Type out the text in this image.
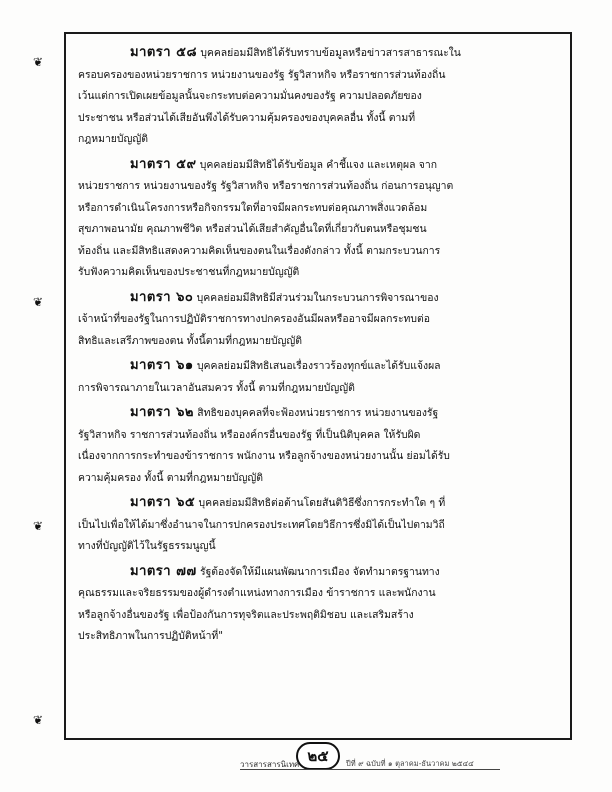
❦
❦
❦
❦

มาตรา ๕๘ บุคคลย่อมมีสิทธิได้รับทราบข้อมูลหรือข่าวสารสาธารณะใน

ครอบครองของหน่วยราชการ หน่วยงานของรัฐ รัฐวิสาหกิจ หรือราชการส่วนท้องถิ่น

เว้นแต่การเปิดเผยข้อมูลนั้นจะกระทบต่อความมั่นคงของรัฐ ความปลอดภัยของ

ประชาชน หรือส่วนได้เสียอันพึงได้รับความคุ้มครองของบุคคลอื่น ทั้งนี้ ตามที่

กฎหมายบัญญัติ

มาตรา ๕๙ บุคคลย่อมมีสิทธิได้รับข้อมูล คำชี้แจง และเหตุผล จาก

หน่วยราชการ หน่วยงานของรัฐ รัฐวิสาหกิจ หรือราชการส่วนท้องถิ่น ก่อนการอนุญาต

หรือการดำเนินโครงการหรือกิจกรรมใดที่อาจมีผลกระทบต่อคุณภาพสิ่งแวดล้อม

สุขภาพอนามัย คุณภาพชีวิต หรือส่วนได้เสียสำคัญอื่นใดที่เกี่ยวกับตนหรือชุมชน

ท้องถิ่น และมีสิทธิแสดงความคิดเห็นของตนในเรื่องดังกล่าว ทั้งนี้ ตามกระบวนการ

รับฟังความคิดเห็นของประชาชนที่กฎหมายบัญญัติ

มาตรา ๖๐ บุคคลย่อมมีสิทธิมีส่วนร่วมในกระบวนการพิจารณาของ

เจ้าหน้าที่ของรัฐในการปฏิบัติราชการทางปกครองอันมีผลหรืออาจมีผลกระทบต่อ

สิทธิและเสรีภาพของตน ทั้งนี้ตามที่กฎหมายบัญญัติ

มาตรา ๖๑ บุคคลย่อมมีสิทธิเสนอเรื่องราวร้องทุกข์และได้รับแจ้งผล

การพิจารณาภายในเวลาอันสมควร ทั้งนี้ ตามที่กฎหมายบัญญัติ

มาตรา ๖๒ สิทธิของบุคคลที่จะฟ้องหน่วยราชการ หน่วยงานของรัฐ

รัฐวิสาหกิจ ราชการส่วนท้องถิ่น หรือองค์กรอื่นของรัฐ ที่เป็นนิติบุคคล ให้รับผิด

เนื่องจากการกระทำของข้าราชการ พนักงาน หรือลูกจ้างของหน่วยงานนั้น ย่อมได้รับ

ความคุ้มครอง ทั้งนี้ ตามที่กฎหมายบัญญัติ

มาตรา ๖๕ บุคคลย่อมมีสิทธิต่อต้านโดยสันติวิธีซึ่งการกระทำใด ๆ ที่

เป็นไปเพื่อให้ได้มาซึ่งอำนาจในการปกครองประเทศโดยวิธีการซึ่งมิได้เป็นไปตามวิถี

ทางที่บัญญัติไว้ในรัฐธรรมนูญนี้

มาตรา ๗๗ รัฐต้องจัดให้มีแผนพัฒนาการเมือง จัดทำมาตรฐานทาง

คุณธรรมและจริยธรรมของผู้ดำรงตำแหน่งทางการเมือง ข้าราชการ และพนักงาน

หรือลูกจ้างอื่นของรัฐ เพื่อป้องกันการทุจริตและประพฤติมิชอบ และเสริมสร้าง

ประสิทธิภาพในการปฏิบัติหน้าที่"

๒๕
วารสารสารนิเทศ	ปีที่ ๙ ฉบับที่ ๑ ตุลาคม-ธันวาคม ๒๕๔๔
